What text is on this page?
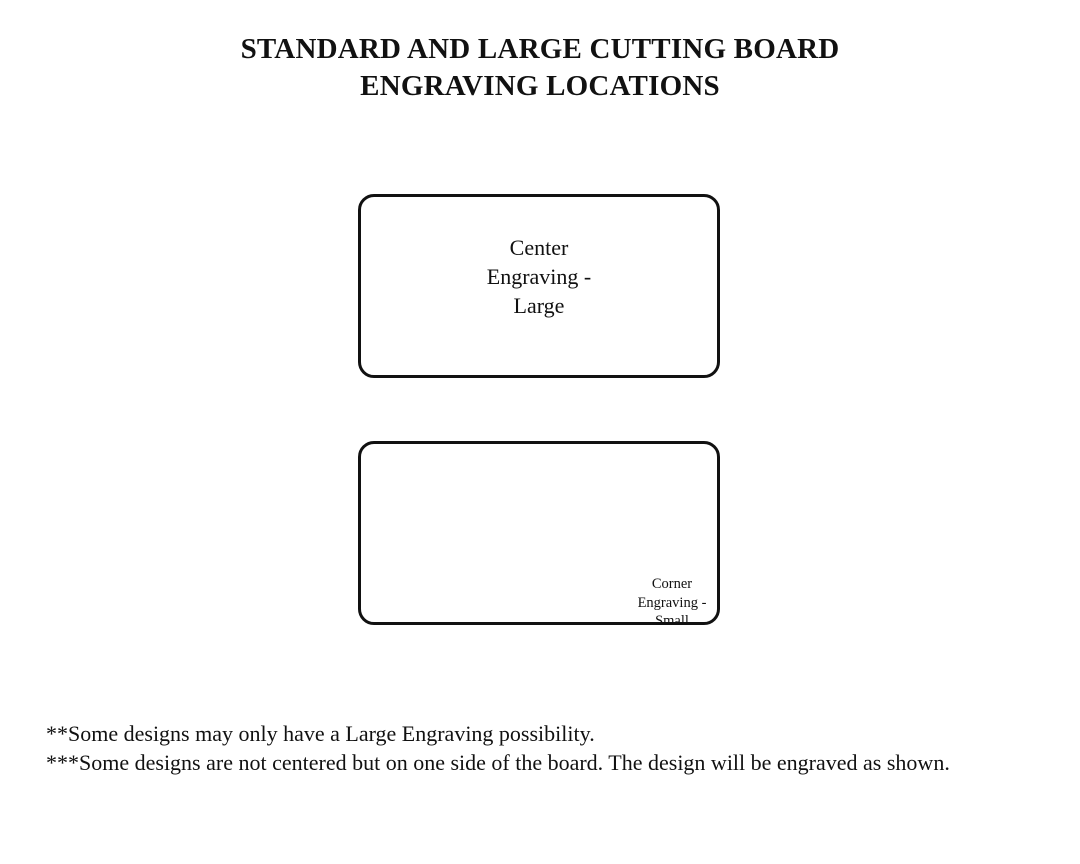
STANDARD AND LARGE CUTTING BOARD
ENGRAVING LOCATIONS
Center
Engraving -
Large
Corner
Engraving -
Small
**Some designs may only have a Large Engraving possibility.
***Some designs are not centered but on one side of the board. The design will be engraved as shown.
